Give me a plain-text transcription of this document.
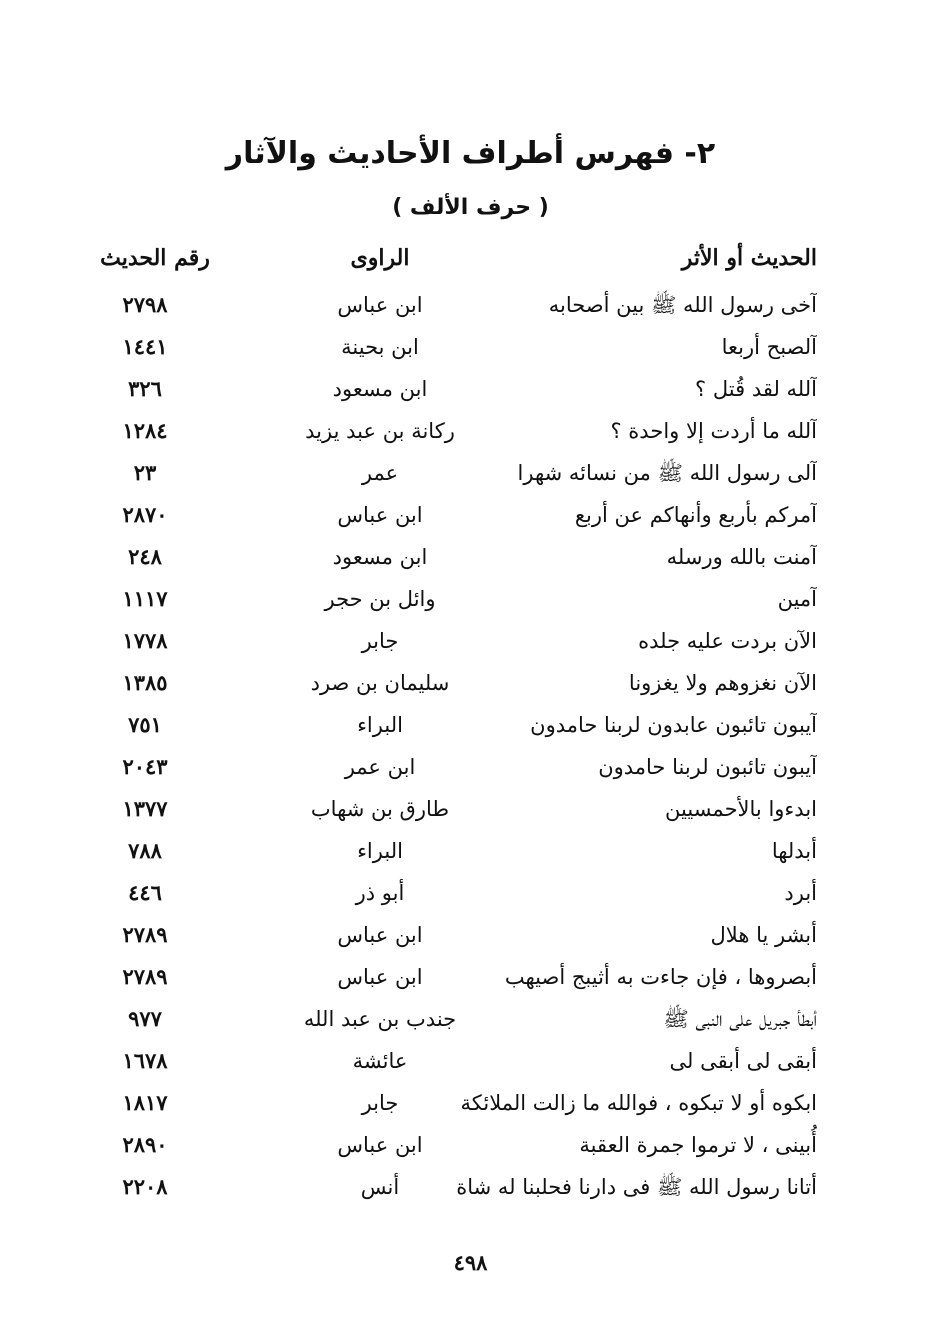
٢- فهرس أطراف الأحاديث والآثار
( حرف الألف )
الحديث أو الأثر
الراوى
رقم الحديث
آخى رسول الله ﷺ بين أصحابه
ابن عباس
٢٧٩٨
آلصبح أربعا
ابن بحينة
١٤٤١
آلله لقد قُتل ؟
ابن مسعود
٣٢٦
آلله ما أردت إلا واحدة ؟
ركانة بن عبد يزيد
١٢٨٤
آلى رسول الله ﷺ من نسائه شهرا
عمر
٢٣
آمركم بأربع وأنهاكم عن أربع
ابن عباس
٢٨٧٠
آمنت بالله ورسله
ابن مسعود
٢٤٨
آمين
وائل بن حجر
١١١٧
الآن بردت عليه جلده
جابر
١٧٧٨
الآن نغزوهم ولا يغزونا
سليمان بن صرد
١٣٨٥
آيبون تائبون عابدون لربنا حامدون
البراء
٧٥١
آيبون تائبون لربنا حامدون
ابن عمر
٢٠٤٣
ابدءوا بالأحمسيين
طارق بن شهاب
١٣٧٧
أبدلها
البراء
٧٨٨
أبرد
أبو ذر
٤٤٦
أبشر يا هلال
ابن عباس
٢٧٨٩
أبصروها ، فإن جاءت به أثيبج أصيهب
ابن عباس
٢٧٨٩
أبطأ جبريل على النبى ﷺ
جندب بن عبد الله
٩٧٧
أبقى لى أبقى لى
عائشة
١٦٧٨
ابكوه أو لا تبكوه ، فوالله ما زالت الملائكة
جابر
١٨١٧
أُبينى ، لا ترموا جمرة العقبة
ابن عباس
٢٨٩٠
أتانا رسول الله ﷺ فى دارنا فحلبنا له شاة
أنس
٢٢٠٨
٤٩٨
